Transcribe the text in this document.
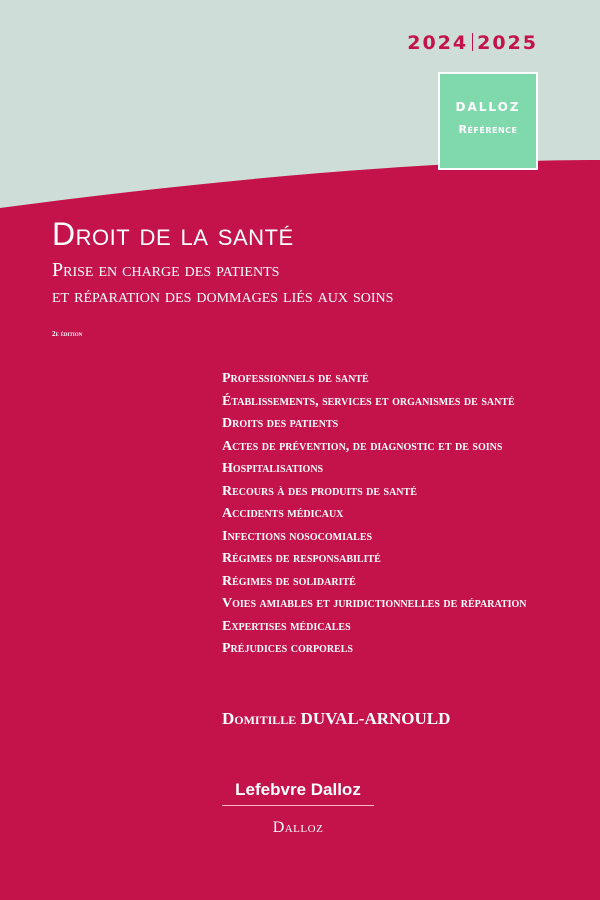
2024 2025
DALLOZ
Référence
Droit de la santé
Prise en charge des patients
et réparation des dommages liés aux soins
2e édition
Professionnels de santé
Établissements, services et organismes de santé
Droits des patients
Actes de prévention, de diagnostic et de soins
Hospitalisations
Recours à des produits de santé
Accidents médicaux
Infections nosocomiales
Régimes de responsabilité
Régimes de solidarité
Voies amiables et juridictionnelles de réparation
Expertises médicales
Préjudices corporels
Domitille DUVAL-ARNOULD
Lefebvre Dalloz
Dalloz
